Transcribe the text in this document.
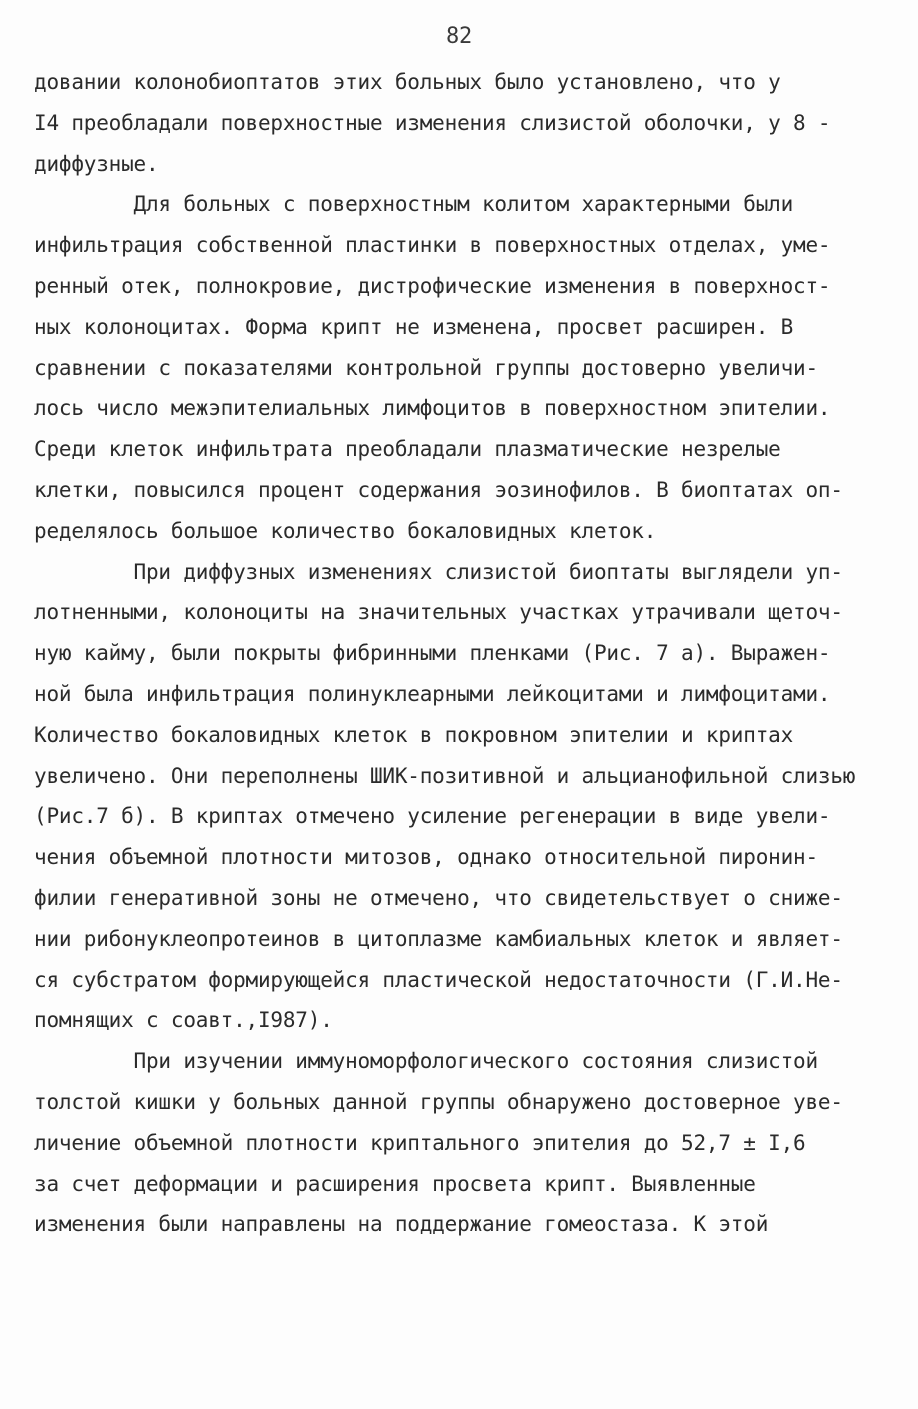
82
довании колонобиоптатов этих больных было установлено, что у
I4 преобладали поверхностные изменения слизистой оболочки, у 8 -
диффузные.
Для больных с поверхностным колитом характерными были
инфильтрация собственной пластинки в поверхностных отделах, уме-
ренный отек, полнокровие, дистрофические изменения в поверхност-
ных колоноцитах. Форма крипт не изменена, просвет расширен. В
сравнении с показателями контрольной группы достоверно увеличи-
лось число межэпителиальных лимфоцитов в поверхностном эпителии.
Среди клеток инфильтрата преобладали плазматические незрелые
клетки, повысился процент содержания эозинофилов. В биоптатах оп-
ределялось большое количество бокаловидных клеток.
При диффузных изменениях слизистой биоптаты выглядели уп-
лотненными, колоноциты на значительных участках утрачивали щеточ-
ную кайму, были покрыты фибринными пленками (Рис. 7 а). Выражен-
ной была инфильтрация полинуклеарными лейкоцитами и лимфоцитами.
Количество бокаловидных клеток в покровном эпителии и криптах
увеличено. Они переполнены ШИК-позитивной и альцианофильной слизью
(Рис.7 б). В криптах отмечено усиление регенерации в виде увели-
чения объемной плотности митозов, однако относительной пиронин-
филии генеративной зоны не отмечено, что свидетельствует о сниже-
нии рибонуклеопротеинов в цитоплазме камбиальных клеток и являет-
ся субстратом формирующейся пластической недостаточности (Г.И.Не-
помнящих с соавт.,I987).
При изучении иммуноморфологического состояния слизистой
толстой кишки у больных данной группы обнаружено достоверное уве-
личение объемной плотности криптального эпителия до 52,7 ± I,6
за счет деформации и расширения просвета крипт. Выявленные
изменения были направлены на поддержание гомеостаза. К этой
